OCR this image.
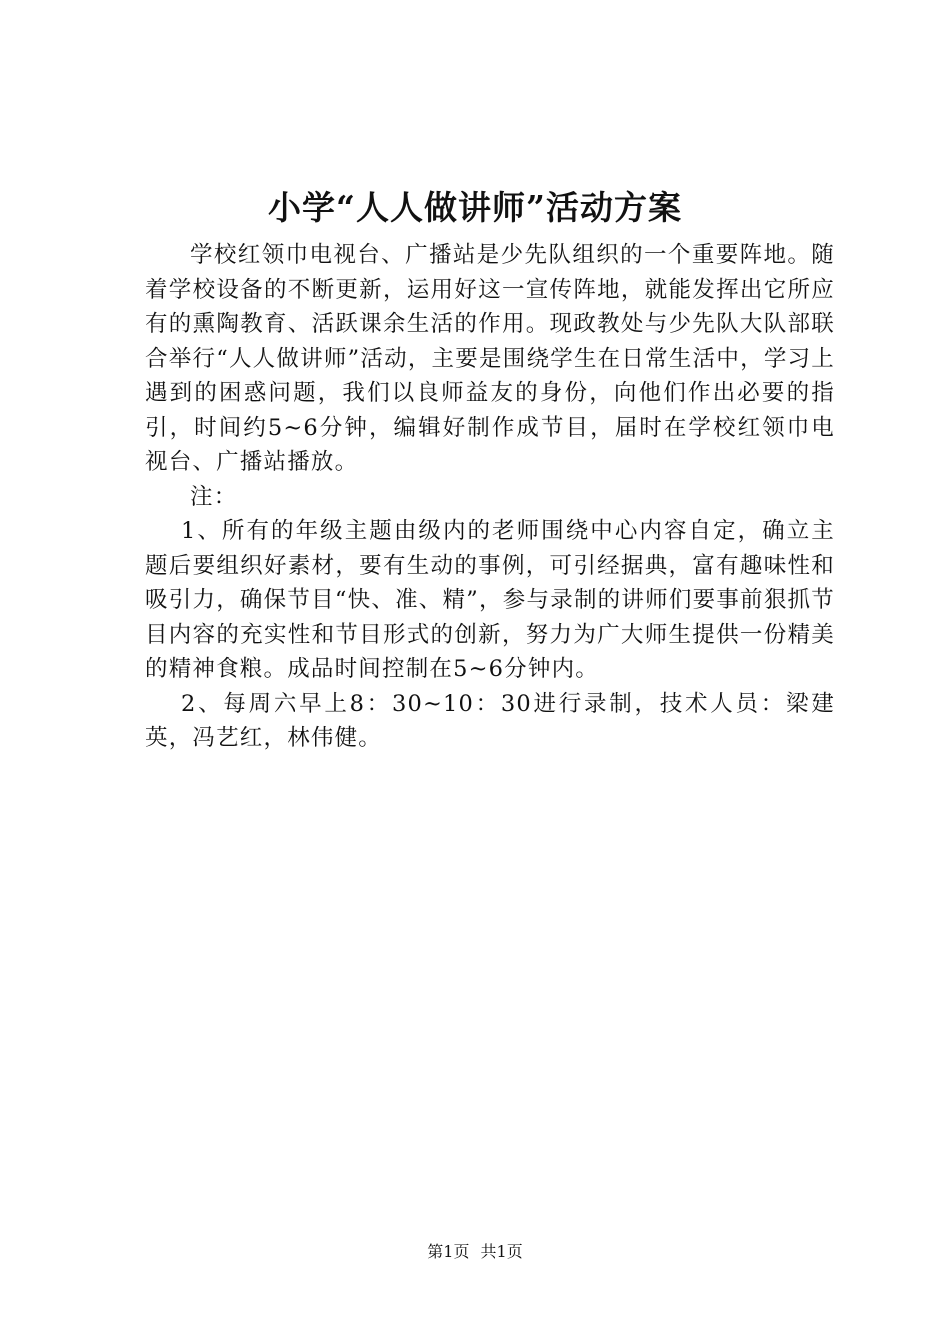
小学“人人做讲师”活动方案

学校红领巾电视台、广播站是少先队组织的一个重要阵地。随着学校设备的不断更新，运用好这一宣传阵地，就能发挥出它所应有的熏陶教育、活跃课余生活的作用。现政教处与少先队大队部联合举行“人人做讲师”活动，主要是围绕学生在日常生活中，学习上遇到的困惑问题，我们以良师益友的身份，向他们作出必要的指引，时间约5~6分钟，编辑好制作成节目，届时在学校红领巾电视台、广播站播放。

注：

1、所有的年级主题由级内的老师围绕中心内容自定，确立主题后要组织好素材，要有生动的事例，可引经据典，富有趣味性和吸引力，确保节目“快、准、精”，参与录制的讲师们要事前狠抓节目内容的充实性和节目形式的创新，努力为广大师生提供一份精美的精神食粮。成品时间控制在5~6分钟内。

2、每周六早上8：30~10：30进行录制，技术人员：梁建英，冯艺红，林伟健。

第1页 共1页
